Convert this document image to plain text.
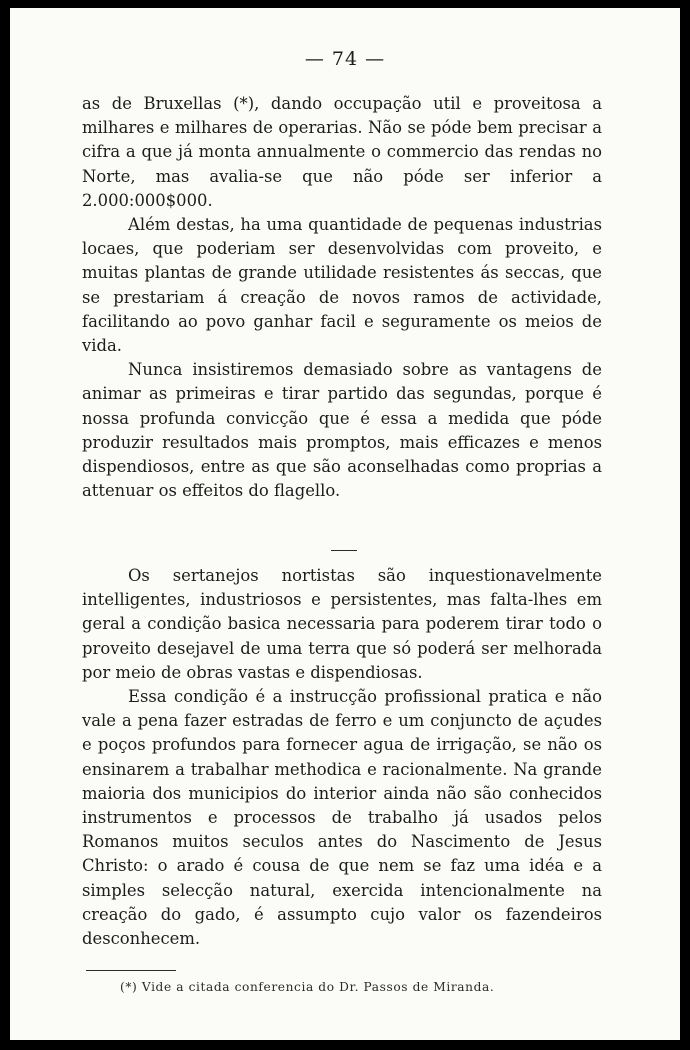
— 74 —

as de Bruxellas (*), dando occupação util e proveitosa a milhares e milhares de operarias. Não se póde bem precisar a cifra a que já monta annualmente o commercio das rendas no Norte, mas avalia-se que não póde ser inferior a 2.000:000$000.

Além destas, ha uma quantidade de pequenas industrias locaes, que poderiam ser desenvolvidas com proveito, e muitas plantas de grande utilidade resistentes ás seccas, que se prestariam á creação de novos ramos de actividade, facilitando ao povo ganhar facil e seguramente os meios de vida.

Nunca insistiremos demasiado sobre as vantagens de animar as primeiras e tirar partido das segundas, porque é nossa profunda convicção que é essa a medida que póde produzir resultados mais promptos, mais efficazes e menos dispendiosos, entre as que são aconselhadas como proprias a attenuar os effeitos do flagello.

Os sertanejos nortistas são inquestionavelmente intelligentes, industriosos e persistentes, mas falta-lhes em geral a condição basica necessaria para poderem tirar todo o proveito desejavel de uma terra que só poderá ser melhorada por meio de obras vastas e dispendiosas.

Essa condição é a instrucção profissional pratica e não vale a pena fazer estradas de ferro e um conjuncto de açudes e poços profundos para fornecer agua de irrigação, se não os ensinarem a trabalhar methodica e racionalmente. Na grande maioria dos municipios do interior ainda não são conhecidos instrumentos e processos de trabalho já usados pelos Romanos muitos seculos antes do Nascimento de Jesus Christo: o arado é cousa de que nem se faz uma idéa e a simples selecção natural, exercida intencionalmente na creação do gado, é assumpto cujo valor os fazendeiros desconhecem.

(*) Vide a citada conferencia do Dr. Passos de Miranda.
